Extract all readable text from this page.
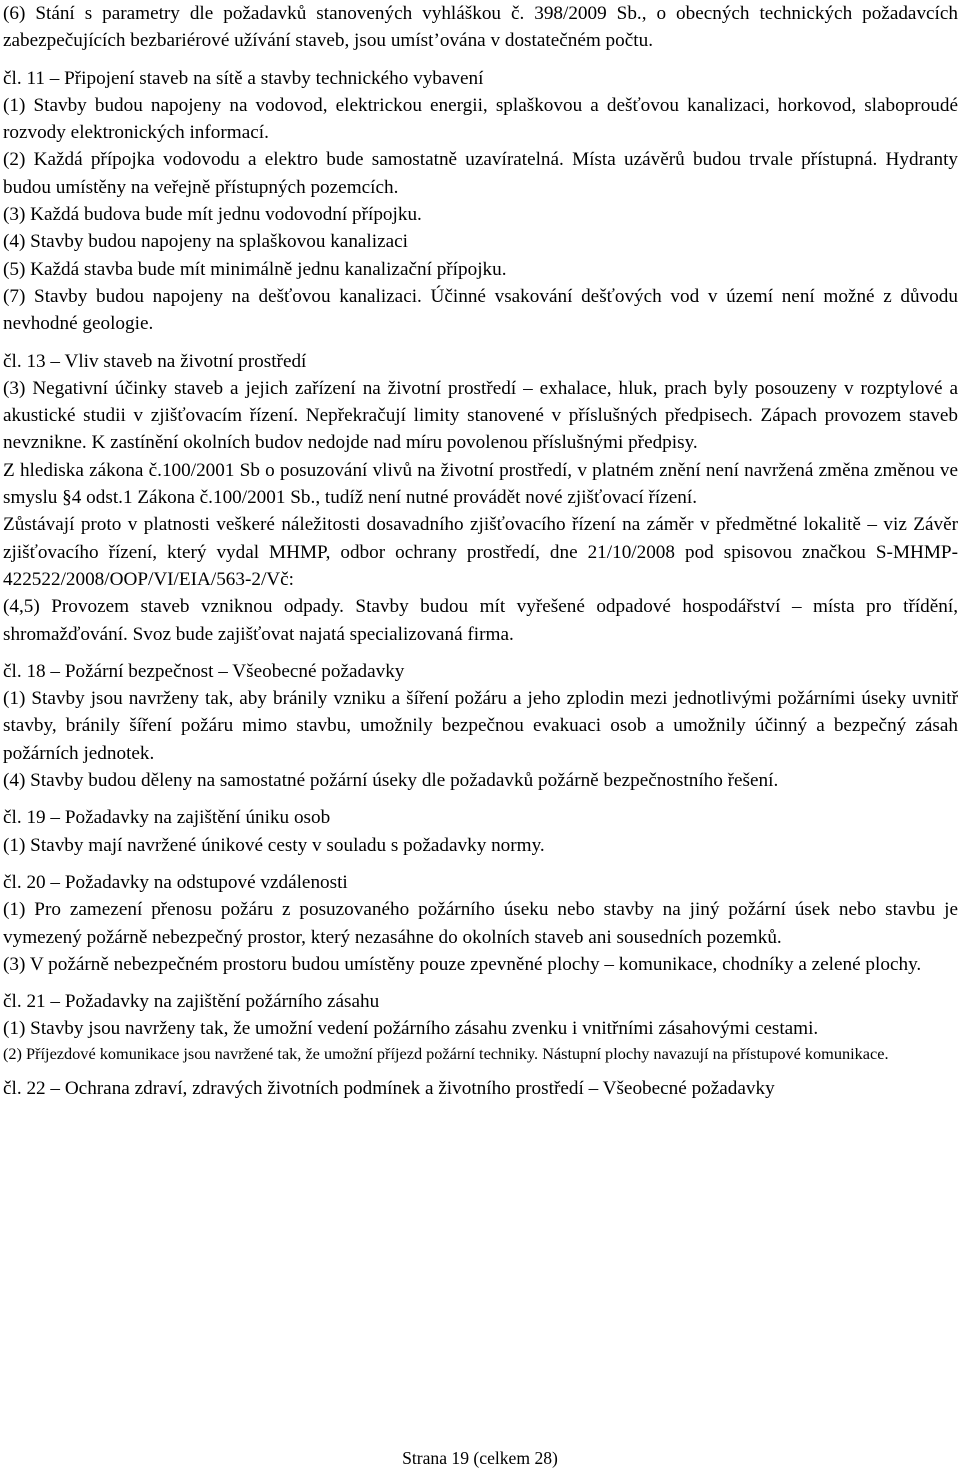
(6) Stání s parametry dle požadavků stanovených vyhláškou č. 398/2009 Sb., o obecných technických požadavcích zabezpečujících bezbariérové užívání staveb, jsou umístʼována v dostatečném počtu.

čl. 11 – Připojení staveb na sítě a stavby technického vybavení

(1) Stavby budou napojeny na vodovod, elektrickou energii, splaškovou a dešťovou kanalizaci, horkovod, slaboproudé rozvody elektronických informací.

(2) Každá přípojka vodovodu a elektro bude samostatně uzavíratelná. Místa uzávěrů budou trvale přístupná. Hydranty budou umístěny na veřejně přístupných pozemcích.

(3) Každá budova bude mít jednu vodovodní přípojku.

(4) Stavby budou napojeny na splaškovou kanalizaci

(5) Každá stavba bude mít minimálně jednu kanalizační přípojku.

(7) Stavby budou napojeny na dešťovou kanalizaci. Účinné vsakování dešťových vod v území není možné z důvodu nevhodné geologie.

čl. 13 – Vliv staveb na životní prostředí

(3) Negativní účinky staveb a jejich zařízení na životní prostředí – exhalace, hluk, prach byly posouzeny v rozptylové a akustické studii v zjišťovacím řízení. Nepřekračují limity stanovené v příslušných předpisech. Zápach provozem staveb nevznikne. K zastínění okolních budov nedojde nad míru povolenou příslušnými předpisy.

Z hlediska zákona č.100/2001 Sb o posuzování vlivů na životní prostředí, v platném znění není navržená změna změnou ve smyslu §4 odst.1 Zákona č.100/2001 Sb., tudíž není nutné provádět nové zjišťovací řízení.

Zůstávají proto v platnosti veškeré náležitosti dosavadního zjišťovacího řízení na záměr v předmětné lokalitě – viz Závěr zjišťovacího řízení, který vydal MHMP, odbor ochrany prostředí, dne 21/10/2008 pod spisovou značkou S-MHMP-422522/2008/OOP/VI/EIA/563-2/Vč:

(4,5) Provozem staveb vzniknou odpady. Stavby budou mít vyřešené odpadové hospodářství – místa pro třídění, shromažďování. Svoz bude zajišťovat najatá specializovaná firma.

čl. 18 – Požární bezpečnost – Všeobecné požadavky

(1) Stavby jsou navrženy tak, aby bránily vzniku a šíření požáru a jeho zplodin mezi jednotlivými požárními úseky uvnitř stavby, bránily šíření požáru mimo stavbu, umožnily bezpečnou evakuaci osob a umožnily účinný a bezpečný zásah požárních jednotek.

(4) Stavby budou děleny na samostatné požární úseky dle požadavků požárně bezpečnostního řešení.

čl. 19 – Požadavky na zajištění úniku osob

(1) Stavby mají navržené únikové cesty v souladu s požadavky normy.

čl. 20 – Požadavky na odstupové vzdálenosti

(1) Pro zamezení přenosu požáru z posuzovaného požárního úseku nebo stavby na jiný požární úsek nebo stavbu je vymezený požárně nebezpečný prostor, který nezasáhne do okolních staveb ani sousedních pozemků.

(3) V požárně nebezpečném prostoru budou umístěny pouze zpevněné plochy – komunikace, chodníky a zelené plochy.

čl. 21 – Požadavky na zajištění požárního zásahu

(1) Stavby jsou navrženy tak, že umožní vedení požárního zásahu zvenku i vnitřními zásahovými cestami.

(2) Příjezdové komunikace jsou navržené tak, že umožní příjezd požární techniky. Nástupní plochy navazují na přístupové komunikace.

čl. 22 – Ochrana zdraví, zdravých životních podmínek a životního prostředí – Všeobecné požadavky

Strana 19 (celkem 28)
